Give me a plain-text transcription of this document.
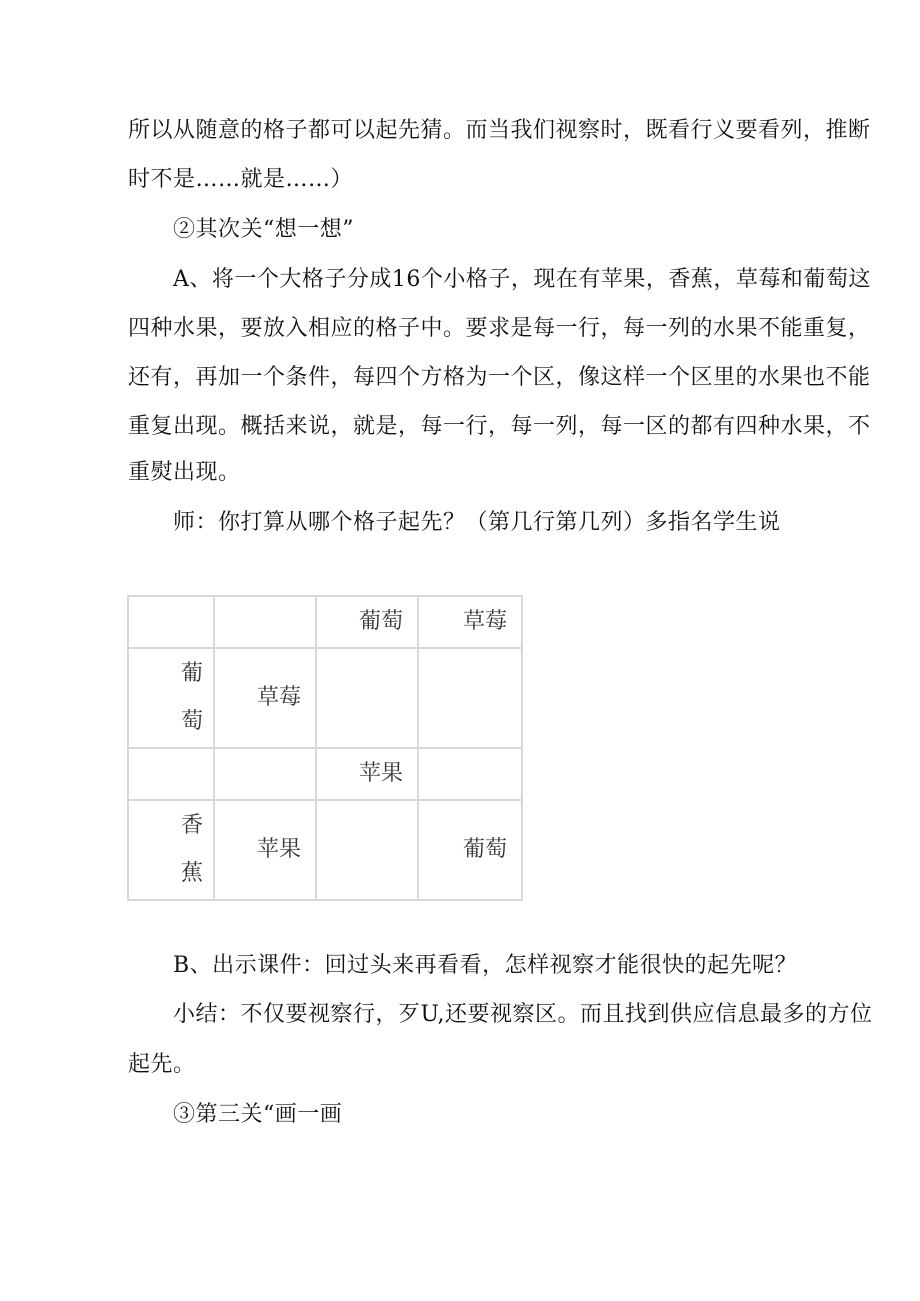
所以从随意的格子都可以起先猜。而当我们视察时，既看行义要看列，推断
时不是……就是……）
②其次关“想一想”
A、将一个大格子分成16个小格子，现在有苹果，香蕉，草莓和葡萄这
四种水果，要放入相应的格子中。要求是每一行，每一列的水果不能重复，
还有，再加一个条件，每四个方格为一个区，像这样一个区里的水果也不能
重复出现。概括来说，就是，每一行，每一列，每一区的都有四种水果，不
重熨出现。
师：你打算从哪个格子起先？（第几行第几列）多指名学生说
		葡萄	草莓

葡
萄	草莓		
		苹果	

香
蕉	苹果		葡萄
B、出示课件：回过头来再看看，怎样视察才能很快的起先呢？
小结：不仅要视察行，歹U,还要视察区。而且找到供应信息最多的方位
起先。
③第三关“画一画
